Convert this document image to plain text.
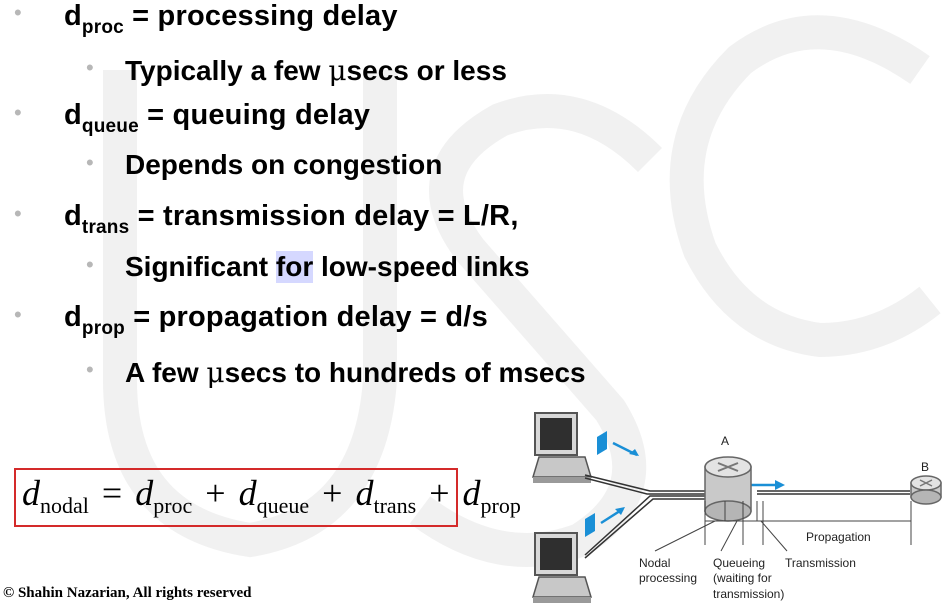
• d proc = processing delay
• Typically a few μ secs or less
• d queue = queuing delay
• Depends on congestion
• d trans = transmission delay = L/R,
• Significant for low-speed links
• d prop = propagation delay = d/s
• A few μ secs to hundreds of msecs
$d_{nodal} = d_{proc} + d_{queue} + d_{trans} + d_{prop}$
© Shahin Nazarian, All rights reserved
A
B
Propagation
Nodal
processing
Queueing
(waiting for
transmission)
Transmission
